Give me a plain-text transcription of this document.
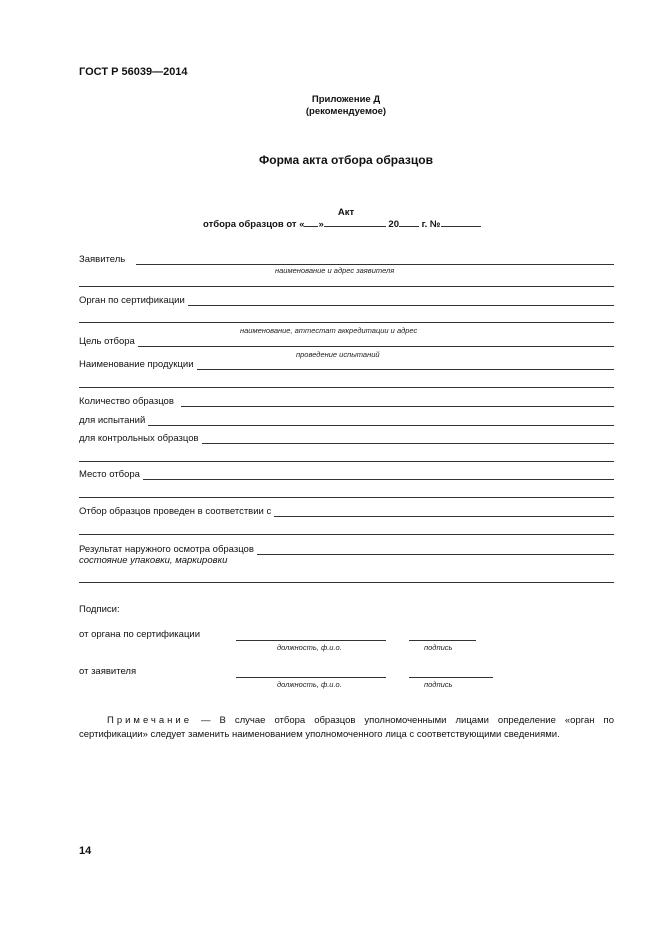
ГОСТ Р 56039—2014
Приложение Д
(рекомендуемое)
Форма акта отбора образцов
Акт
отбора образцов от « »	20 г. №
Заявитель
наименование и адрес заявителя
Орган по сертификации
наименование, аттестат аккредитации и адрес
Цель отбора
проведение испытаний
Наименование продукции
Количество образцов
для испытаний
для контрольных образцов
Место отбора
Отбор образцов проведен в соответствии с
Результат наружного осмотра образцов
состояние упаковки, маркировки
Подписи:
от органа по сертификации
должность, ф.и.о.	подпись
от заявителя
должность, ф.и.о.	подпись
Примечание — В случае отбора образцов уполномоченными лицами определение «орган по сертификации» следует заменить наименованием уполномоченного лица с соответствующими сведениями.
14
